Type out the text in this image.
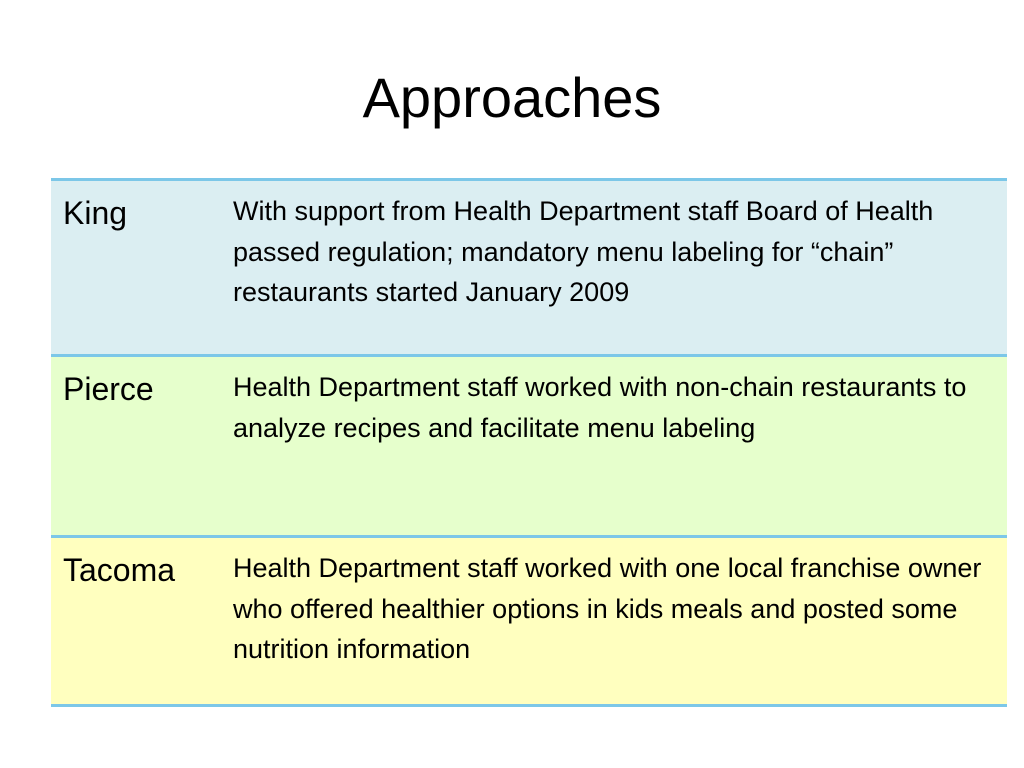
Approaches
King	With support from Health Department staff Board of Health passed regulation; mandatory menu labeling for “chain” restaurants started January 2009
Pierce	Health Department staff worked with non-chain restaurants to analyze recipes and facilitate menu labeling
Tacoma	Health Department staff worked with one local franchise owner who offered healthier options in kids meals and posted some nutrition information
